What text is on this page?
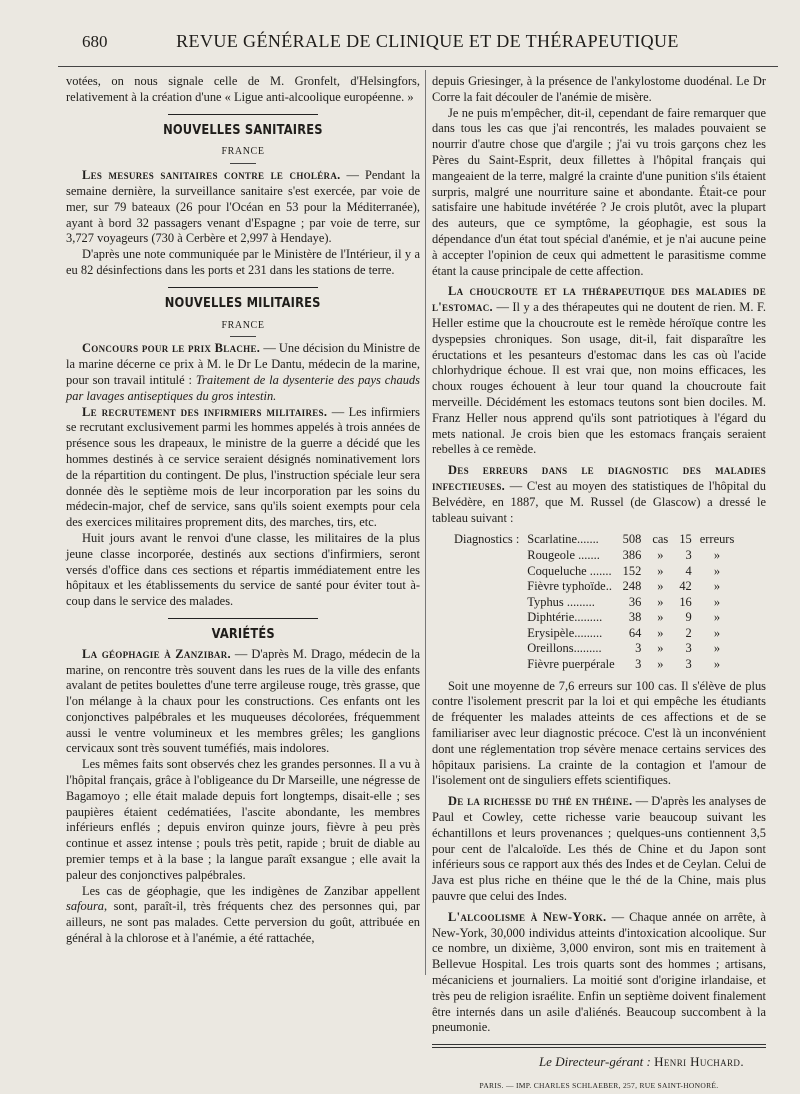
680	REVUE GÉNÉRALE DE CLINIQUE ET DE THÉRAPEUTIQUE

votées, on nous signale celle de M. Gronfelt, d'Helsingfors, relativement à la création d'une « Ligue anti-alcoolique européenne. »

NOUVELLES SANITAIRES
FRANCE

Les mesures sanitaires contre le choléra. — Pendant la semaine dernière, la surveillance sanitaire s'est exercée, par voie de mer, sur 79 bateaux (26 pour l'Océan en 53 pour la Méditerranée), ayant à bord 32 passagers venant d'Espagne ; par voie de terre, sur 3,727 voyageurs (730 à Cerbère et 2,997 à Hendaye).

D'après une note communiquée par le Ministère de l'Intérieur, il y a eu 82 désinfections dans les ports et 231 dans les stations de terre.

NOUVELLES MILITAIRES
FRANCE

Concours pour le prix Blache. — Une décision du Ministre de la marine décerne ce prix à M. le Dr Le Dantu, médecin de la marine, pour son travail intitulé : Traitement de la dysenterie des pays chauds par lavages antiseptiques du gros intestin.

Le recrutement des infirmiers militaires. — Les infirmiers se recrutant exclusivement parmi les hommes appelés à trois années de présence sous les drapeaux, le ministre de la guerre a décidé que les hommes destinés à ce service seraient désignés nominativement lors de la répartition du contingent. De plus, l'instruction spéciale leur sera donnée dès le septième mois de leur incorporation par les soins du médecin-major, chef de service, sans qu'ils soient exempts pour cela des exercices militaires proprement dits, des marches, tirs, etc.

Huit jours avant le renvoi d'une classe, les militaires de la plus jeune classe incorporée, destinés aux sections d'infirmiers, seront versés d'office dans ces sections et répartis immédiatement entre les hôpitaux et les établissements du service de santé pour éviter tout à-coup dans le service des malades.

VARIÉTÉS

La géophagie à Zanzibar. — D'après M. Drago, médecin de la marine, on rencontre très souvent dans les rues de la ville des enfants avalant de petites boulettes d'une terre argileuse rouge, très grasse, que l'on mélange à la chaux pour les constructions. Ces enfants ont les conjonctives palpébrales et les muqueuses décolorées, fréquemment aussi le ventre volumineux et les membres grêles; les ganglions cervicaux sont très souvent tuméfiés, mais indolores.

Les mêmes faits sont observés chez les grandes personnes. Il a vu à l'hôpital français, grâce à l'obligeance du Dr Marseille, une négresse de Bagamoyo ; elle était malade depuis fort longtemps, disait-elle ; ses paupières étaient cedématiées, l'ascite abondante, les membres inférieurs enflés ; depuis environ quinze jours, fièvre à peu près continue et assez intense ; pouls très petit, rapide ; bruit de diable au premier temps et à la base ; la langue paraît exsangue ; elle avait la paleur des conjonctives palpébrales.

Les cas de géophagie, que les indigènes de Zanzibar appellent safoura, sont, paraît-il, très fréquents chez des personnes qui, par ailleurs, ne sont pas malades. Cette perversion du goût, attribuée en général à la chlorose et à l'anémie, a été rattachée,

depuis Griesinger, à la présence de l'ankylostome duodénal. Le Dr Corre la fait découler de l'anémie de misère.

Je ne puis m'empêcher, dit-il, cependant de faire remarquer que dans tous les cas que j'ai rencontrés, les malades pouvaient se nourrir d'autre chose que d'argile ; j'ai vu trois garçons chez les Pères du Saint-Esprit, deux fillettes à l'hôpital français qui mangeaient de la terre, malgré la crainte d'une punition s'ils étaient surpris, malgré une nourriture saine et abondante. Était-ce pour satisfaire une habitude invétérée ? Je crois plutôt, avec la plupart des auteurs, que ce symptôme, la géophagie, est sous la dépendance d'un état tout spécial d'anémie, et je n'ai aucune peine à accepter l'opinion de ceux qui admettent le parasitisme comme étant la cause principale de cette affection.

La choucroute et la thérapeutique des maladies de l'estomac. — Il y a des thérapeutes qui ne doutent de rien. M. F. Heller estime que la choucroute est le remède héroïque contre les dyspepsies chroniques. Son usage, dit-il, fait disparaître les éructations et les pesanteurs d'estomac dans les cas où l'acide chlorhydrique échoue. Il est vrai que, non moins efficaces, les choux rouges échouent à leur tour quand la choucroute fait merveille. Décidément les estomacs teutons sont bien dociles. M. Franz Heller nous apprend qu'ils sont patriotiques à l'égard du mets national. Je crois bien que les estomacs français seraient rebelles à ce remède.

Des erreurs dans le diagnostic des maladies infectieuses. — C'est au moyen des statistiques de l'hôpital du Belvédère, en 1887, que M. Russel (de Glascow) a dressé le tableau suivant :

Diagnostics :	Scarlatine.......	508	cas	15	erreurs
	Rougeole .......	386	»	3	»
	Coqueluche .......	152	»	4	»
	Fièvre typhoïde..	248	»	42	»
	Typhus .........	36	»	16	»
	Diphtérie.........	38	»	9	»
	Erysipèle.........	64	»	2	»
	Oreillons.........	3	»	3	»
	Fièvre puerpérale	3	»	3	»

Soit une moyenne de 7,6 erreurs sur 100 cas. Il s'élève de plus contre l'isolement prescrit par la loi et qui empêche les étudiants de fréquenter les malades atteints de ces affections et de se familiariser avec leur diagnostic précoce. C'est là un inconvénient dont une réglementation trop sévère menace certains services des hôpitaux parisiens. La crainte de la contagion et l'amour de l'isolement ont de singuliers effets scientifiques.

De la richesse du thé en théine. — D'après les analyses de Paul et Cowley, cette richesse varie beaucoup suivant les échantillons et leurs provenances ; quelques-uns contiennent 3,5 pour cent de l'alcaloïde. Les thés de Chine et du Japon sont inférieurs sous ce rapport aux thés des Indes et de Ceylan. Celui de Java est plus riche en théine que le thé de la Chine, mais plus pauvre que celui des Indes.

L'alcoolisme à New-York. — Chaque année on arrête, à New-York, 30,000 individus atteints d'intoxication alcoolique. Sur ce nombre, un dixième, 3,000 environ, sont mis en traitement à Bellevue Hospital. Les trois quarts sont des hommes ; artisans, mécaniciens et journaliers. La moitié sont d'origine irlandaise, et très peu de religion israélite. Enfin un septième doivent finalement être internés dans un asile d'aliénés. Beaucoup succombent à la pneumonie.

Le Directeur-gérant : Henri Huchard.
PARIS. — IMP. CHARLES SCHLAEBER, 257, RUE SAINT-HONORÉ.
